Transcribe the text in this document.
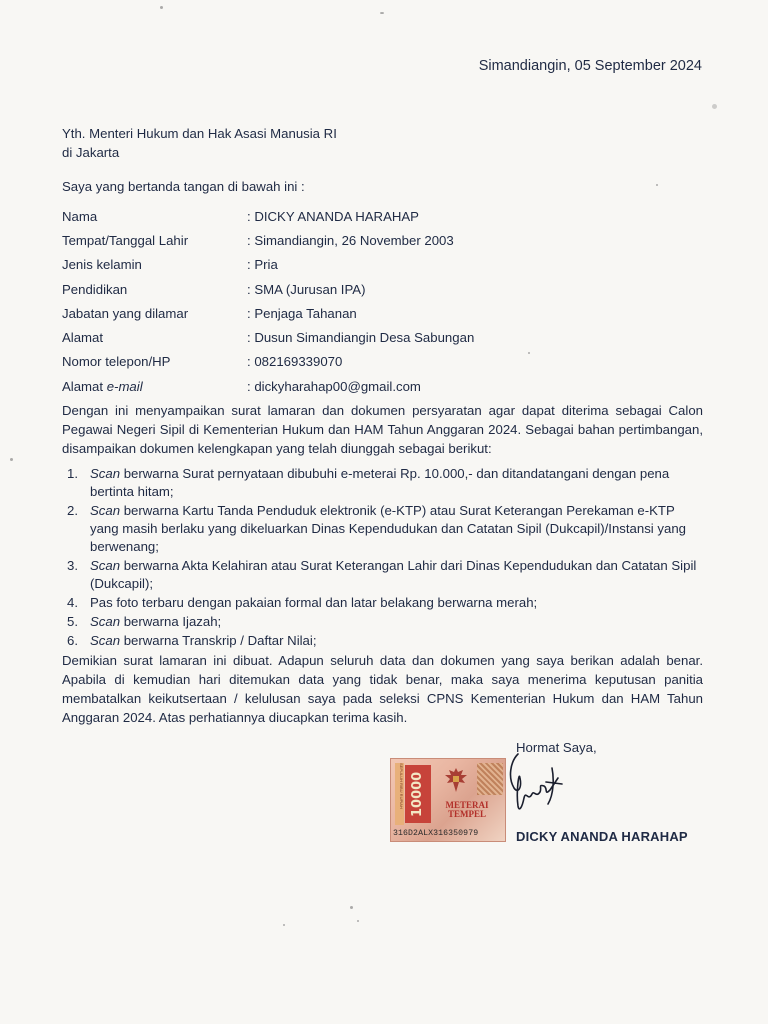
Simandiangin, 05 September 2024
Yth. Menteri Hukum dan Hak Asasi Manusia RI
di Jakarta
Saya yang bertanda tangan di bawah ini :
Nama	: DICKY ANANDA HARAHAP
Tempat/Tanggal Lahir	: Simandiangin, 26 November 2003
Jenis kelamin	: Pria
Pendidikan	: SMA (Jurusan IPA)
Jabatan yang dilamar	: Penjaga Tahanan
Alamat	: Dusun Simandiangin Desa Sabungan
Nomor telepon/HP	: 082169339070
Alamat e-mail	: dickyharahap00@gmail.com
Dengan ini menyampaikan surat lamaran dan dokumen persyaratan agar dapat diterima sebagai Calon Pegawai Negeri Sipil di Kementerian Hukum dan HAM Tahun Anggaran 2024. Sebagai bahan pertimbangan, disampaikan dokumen kelengkapan yang telah diunggah sebagai berikut:
1. Scan berwarna Surat pernyataan dibubuhi e-meterai Rp. 10.000,- dan ditandatangani dengan pena bertinta hitam;
2. Scan berwarna Kartu Tanda Penduduk elektronik (e-KTP) atau Surat Keterangan Perekaman e-KTP yang masih berlaku yang dikeluarkan Dinas Kependudukan dan Catatan Sipil (Dukcapil)/Instansi yang berwenang;
3. Scan berwarna Akta Kelahiran atau Surat Keterangan Lahir dari Dinas Kependudukan dan Catatan Sipil (Dukcapil);
4. Pas foto terbaru dengan pakaian formal dan latar belakang berwarna merah;
5. Scan berwarna Ijazah;
6. Scan berwarna Transkrip / Daftar Nilai;
Demikian surat lamaran ini dibuat. Adapun seluruh data dan dokumen yang saya berikan adalah benar. Apabila di kemudian hari ditemukan data yang tidak benar, maka saya menerima keputusan panitia membatalkan keikutsertaan / kelulusan saya pada seleksi CPNS Kementerian Hukum dan HAM Tahun Anggaran 2024. Atas perhatiannya diucapkan terima kasih.
Hormat Saya,
SEPULUH RIBU RUPIAH 10000	METERAI
TEMPEL
316D2ALX316350979	DICKY ANANDA HARAHAP
